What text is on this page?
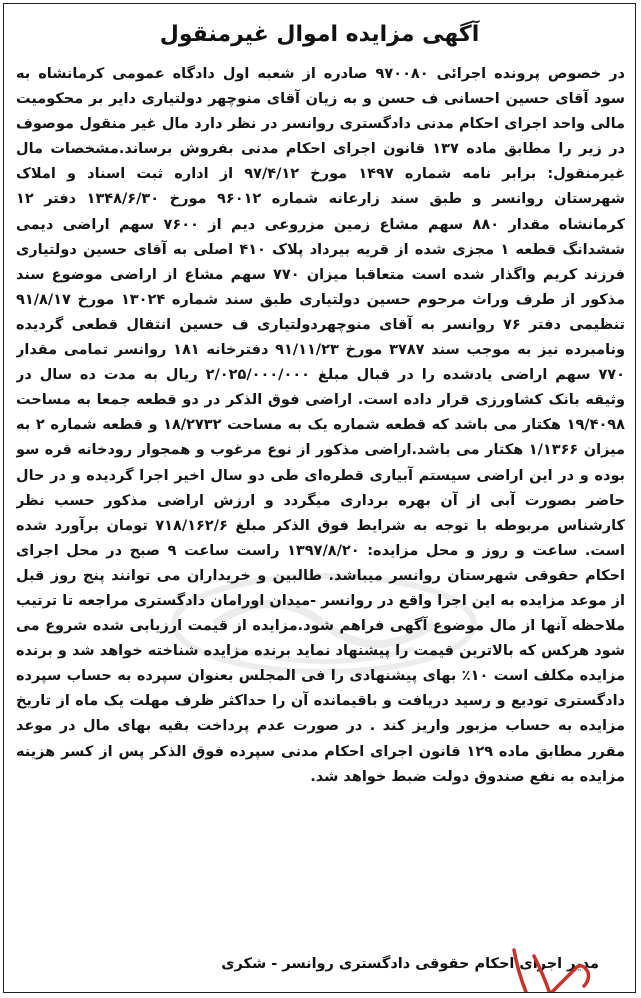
آگهی مزایده اموال غیرمنقول
در خصوص پرونده اجرائی ۹۷۰۰۸۰ صادره از شعبه اول دادگاه عمومی کرمانشاه به سود آقای حسین احسانی ف حسن و به زیان آقای منوچهر دولتیاری دایر بر محکومیت مالی واحد اجرای احکام مدنی دادگستری روانسر در نظر دارد مال غیر منقول موصوف در زیر را مطابق ماده ۱۳۷ قانون اجرای احکام مدنی بفروش برساند.مشخصات مال غیرمنقول: برابر نامه شماره ۱۴۹۷ مورخ ۹۷/۴/۱۲ از اداره ثبت اسناد و املاک شهرستان روانسر و طبق سند زارعانه شماره ۹۶۰۱۲ مورخ ۱۳۴۸/۶/۳۰ دفتر ۱۲ کرمانشاه مقدار ۸۸۰ سهم مشاع زمین مزروعی دیم از ۷۶۰۰ سهم اراضی دیمی ششدانگ قطعه ۱ مجزی شده از قریه بیرداد پلاک ۴۱۰ اصلی به آقای حسین دولتیاری فرزند کریم واگذار شده است متعاقبا میزان ۷۷۰ سهم مشاع از اراضی موضوع سند مذکور از طرف وراث مرحوم حسین دولتیاری طبق سند شماره ۱۳۰۲۴ مورخ ۹۱/۸/۱۷ تنظیمی دفتر ۷۶ روانسر به آقای منوچهردولتیاری ف حسین انتقال قطعی گردیده ونامبرده نیز به موجب سند ۳۷۸۷ مورخ ۹۱/۱۱/۲۳ دفترخانه ۱۸۱ روانسر تمامی مقدار ۷۷۰ سهم اراضی یادشده را در قبال مبلغ ۲/۰۲۵/۰۰۰/۰۰۰ ریال به مدت ده سال در وثیقه بانک کشاورزی قرار داده است. اراضی فوق الذکر در دو قطعه جمعا به مساحت ۱۹/۴۰۹۸ هکتار می باشد که قطعه شماره یک به مساحت ۱۸/۲۷۳۲ و قطعه شماره ۲ به میزان ۱/۱۳۶۶ هکتار می باشد.اراضی مذکور از نوع مرغوب و همجوار رودخانه قره سو بوده و در این اراضی سیستم آبیاری قطره‌ای طی دو سال اخیر اجرا گردیده و در حال حاضر بصورت آبی از آن بهره برداری میگردد و ارزش اراضی مذکور حسب نظر کارشناس مربوطه با توجه به شرایط فوق الذکر مبلغ ۷۱۸/۱۶۲/۶ تومان برآورد شده است. ساعت و روز و محل مزایده: ۱۳۹۷/۸/۲۰ راست ساعت ۹ صبح در محل اجرای احکام حقوقی شهرستان روانسر میباشد. طالبین و خریداران می توانند پنج روز قبل از موعد مزایده به این اجرا واقع در روانسر -میدان اورامان دادگستری مراجعه تا ترتیب ملاحظه آنها از مال موضوع آگهی فراهم شود.مزایده از قیمت ارزیابی شده شروع می شود هرکس که بالاترین قیمت را پیشنهاد نماید برنده مزایده شناخته خواهد شد و برنده مزایده مکلف است ۱۰٪ بهای پیشنهادی را فی المجلس بعنوان سپرده به حساب سپرده دادگستری توديع و رسید دریافت و باقیمانده آن را حداکثر ظرف مهلت یک ماه از تاریخ مزایده به حساب مزبور واریز کند . در صورت عدم پرداخت بقیه بهای مال در موعد مقرر مطابق ماده ۱۲۹ قانون اجرای احکام مدنی سپرده فوق الذکر پس از کسر هزینه مزایده به نفع صندوق دولت ضبط خواهد شد.
مدیر اجرای احکام حقوقی دادگستری روانسر - شکری
